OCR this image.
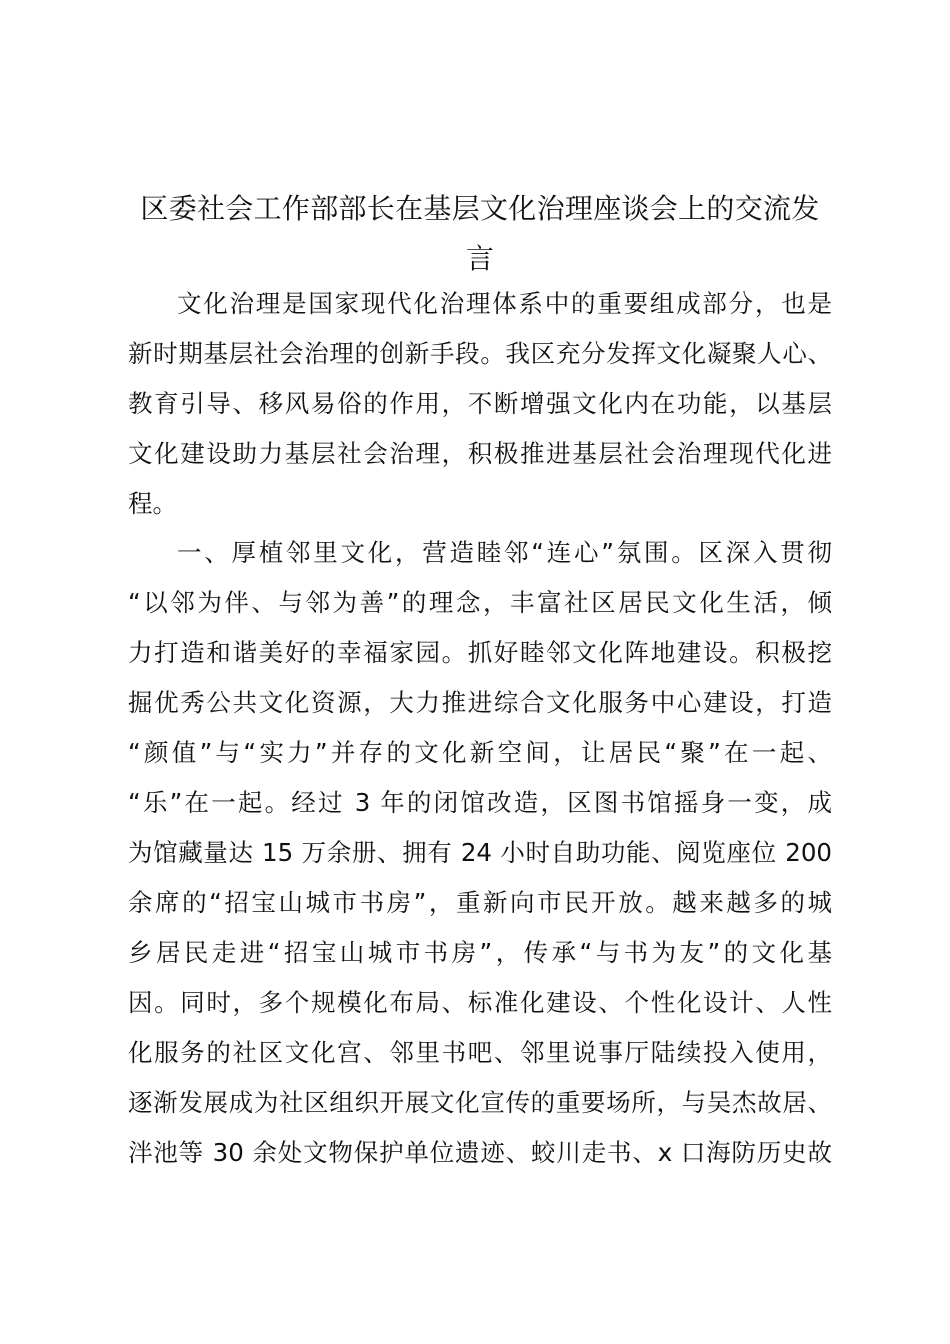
区委社会工作部部长在基层文化治理座谈会上的交流发言
文化治理是国家现代化治理体系中的重要组成部分，也是
新时期基层社会治理的创新手段。我区充分发挥文化凝聚人心、
教育引导、移风易俗的作用，不断增强文化内在功能，以基层
文化建设助力基层社会治理，积极推进基层社会治理现代化进
程。
一、厚植邻里文化，营造睦邻“连心”氛围。区深入贯彻
“以邻为伴、与邻为善”的理念，丰富社区居民文化生活，倾
力打造和谐美好的幸福家园。抓好睦邻文化阵地建设。积极挖
掘优秀公共文化资源，大力推进综合文化服务中心建设，打造
“颜值”与“实力”并存的文化新空间，让居民“聚”在一起、
“乐”在一起。经过 3 年的闭馆改造，区图书馆摇身一变，成
为馆藏量达 15 万余册、拥有 24 小时自助功能、阅览座位 200
余席的“招宝山城市书房”，重新向市民开放。越来越多的城
乡居民走进“招宝山城市书房”，传承“与书为友”的文化基
因。同时，多个规模化布局、标准化建设、个性化设计、人性
化服务的社区文化宫、邻里书吧、邻里说事厅陆续投入使用，
逐渐发展成为社区组织开展文化宣传的重要场所，与吴杰故居、
泮池等 30 余处文物保护单位遗迹、蛟川走书、x 口海防历史故
